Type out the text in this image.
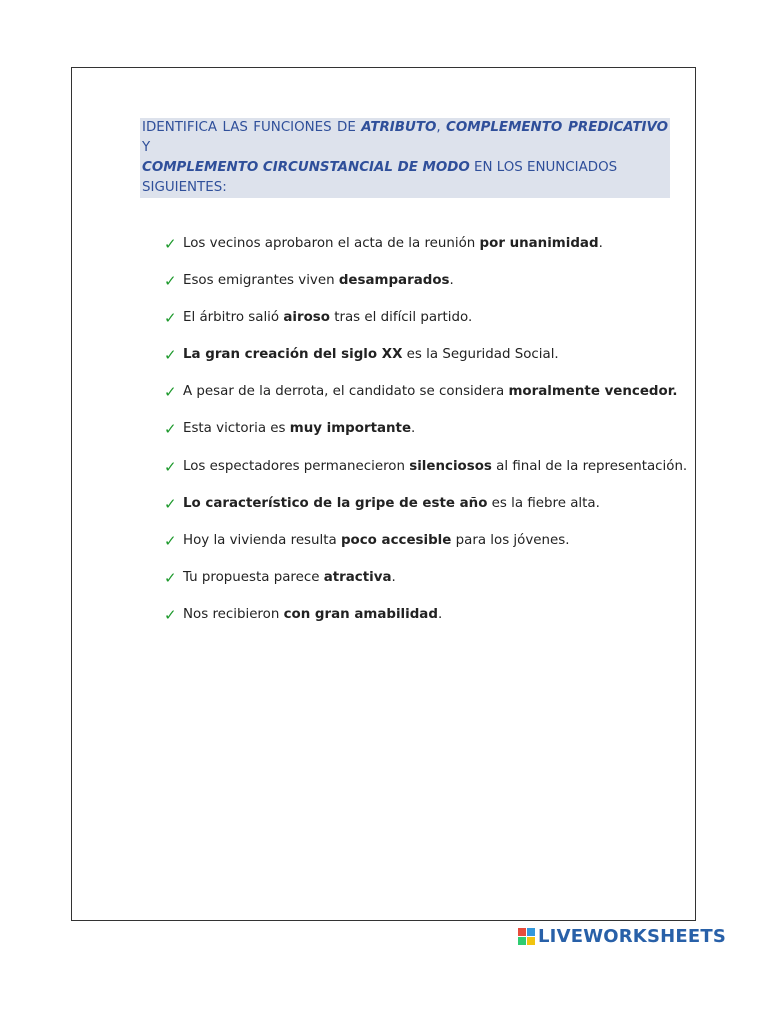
IDENTIFICA LAS FUNCIONES DE ATRIBUTO, COMPLEMENTO PREDICATIVO Y
COMPLEMENTO CIRCUNSTANCIAL DE MODO EN LOS ENUNCIADOS SIGUIENTES:
✓ Los vecinos aprobaron el acta de la reunión por unanimidad.
✓ Esos emigrantes viven desamparados.
✓ El árbitro salió airoso tras el difícil partido.
✓ La gran creación del siglo XX es la Seguridad Social.
✓ A pesar de la derrota, el candidato se considera moralmente vencedor.
✓ Esta victoria es muy importante.
✓ Los espectadores permanecieron silenciosos al final de la representación.
✓ Lo característico de la gripe de este año es la fiebre alta.
✓ Hoy la vivienda resulta poco accesible para los jóvenes.
✓ Tu propuesta parece atractiva.
✓ Nos recibieron con gran amabilidad.
LIVEWORKSHEETS
